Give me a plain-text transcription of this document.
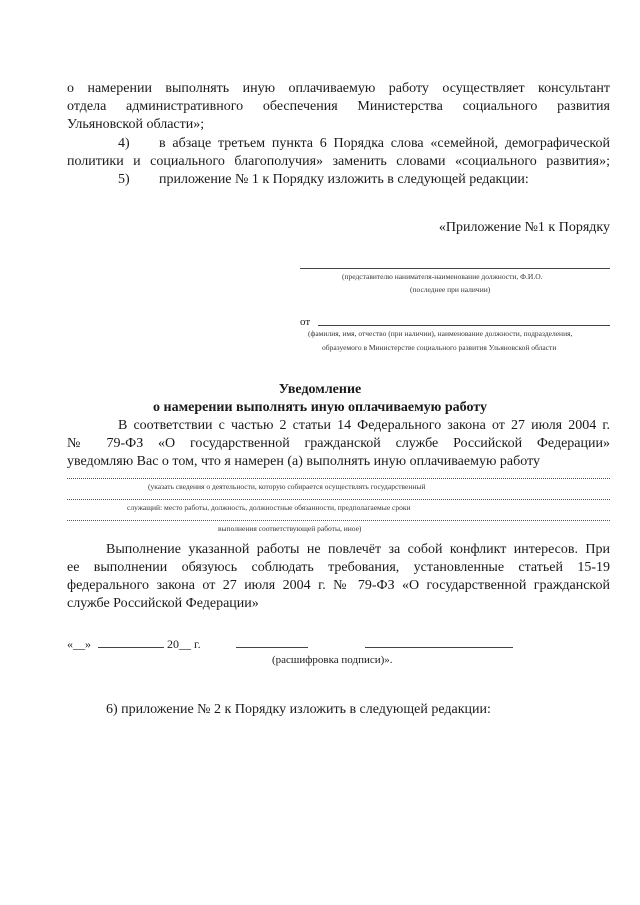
о намерении выполнять иную оплачиваемую работу осуществляет консультант
отдела административного обеспечения Министерства социального развития
Ульяновской области»;
4) в абзаце третьем пункта 6 Порядка слова «семейной, демографической
политики и социального благополучия» заменить словами «социального развития»;
5) приложение № 1 к Порядку изложить в следующей редакции:
«Приложение №1 к Порядку
(представителю нанимателя-наименование должности, Ф.И.О.
(последнее при наличии)
от
(фамилия, имя, отчество (при наличии), наименование должности, подразделения,
образуемого в Министерстве социального развития Ульяновской области
Уведомление
о намерении выполнять иную оплачиваемую работу
В соответствии с частью 2 статьи 14 Федерального закона от 27 июля 2004 г.
№ 79-ФЗ «О государственной гражданской службе Российской Федерации»
уведомляю Вас о том, что я намерен (а) выполнять иную оплачиваемую работу
(указать сведения о деятельности, которую собирается осуществлять государственный
служащий: место работы, должность, должностные обязанности, предполагаемые сроки
выполнения соответствующей работы, иное)
Выполнение указанной работы не повлечёт за собой конфликт интересов. При
ее выполнении обязуюсь соблюдать требования, установленные статьей 15-19
федерального закона от 27 июля 2004 г. № 79-ФЗ «О государственной гражданской
службе Российской Федерации»
«__»	20__ г.
(расшифровка подписи)».
6) приложение № 2 к Порядку изложить в следующей редакции:
